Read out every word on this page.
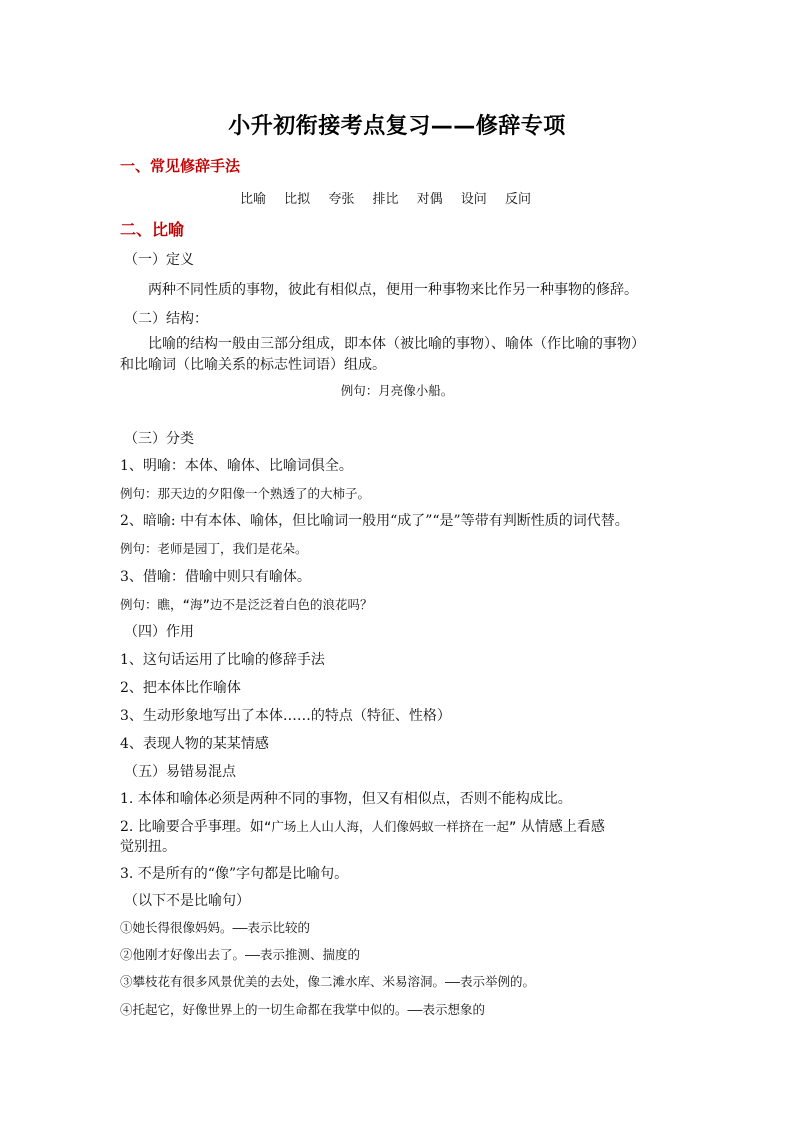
小升初衔接考点复习——修辞专项
一、常见修辞手法
比喻 比拟 夸张 排比 对偶 设问 反问
二、比喻
（一）定义
两种不同性质的事物，彼此有相似点，便用一种事物来比作另一种事物的修辞。
（二）结构：
比喻的结构一般由三部分组成，即本体（被比喻的事物）、喻体（作比喻的事物）
和比喻词（比喻关系的标志性词语）组成。
例句：月亮像小船。
（三）分类
1、明喻：本体、喻体、比喻词俱全。
例句：那天边的夕阳像一个熟透了的大柿子。
2、暗喻: 中有本体、喻体，但比喻词一般用“成了”“是”等带有判断性质的词代替。
例句：老师是园丁，我们是花朵。
3、借喻：借喻中则只有喻体。
例句：瞧，“海”边不是泛泛着白色的浪花吗？
（四）作用
1、这句话运用了比喻的修辞手法
2、把本体比作喻体
3、生动形象地写出了本体……的特点（特征、性格）
4、表现人物的某某情感
（五）易错易混点
1. 本体和喻体必须是两种不同的事物，但又有相似点，否则不能构成比。
2. 比喻要合乎事理。如“广场上人山人海，人们像妈蚁一样挤在一起” 从情感上看感
觉别扭。
3. 不是所有的“像”字句都是比喻句。
（以下不是比喻句）
①她长得很像妈妈。——表示比较的
②他刚才好像出去了。——表示推测、揣度的
③攀枝花有很多风景优美的去处，像二滩水库、米易溶洞。——表示举例的。
④托起它，好像世界上的一切生命都在我掌中似的。——表示想象的
